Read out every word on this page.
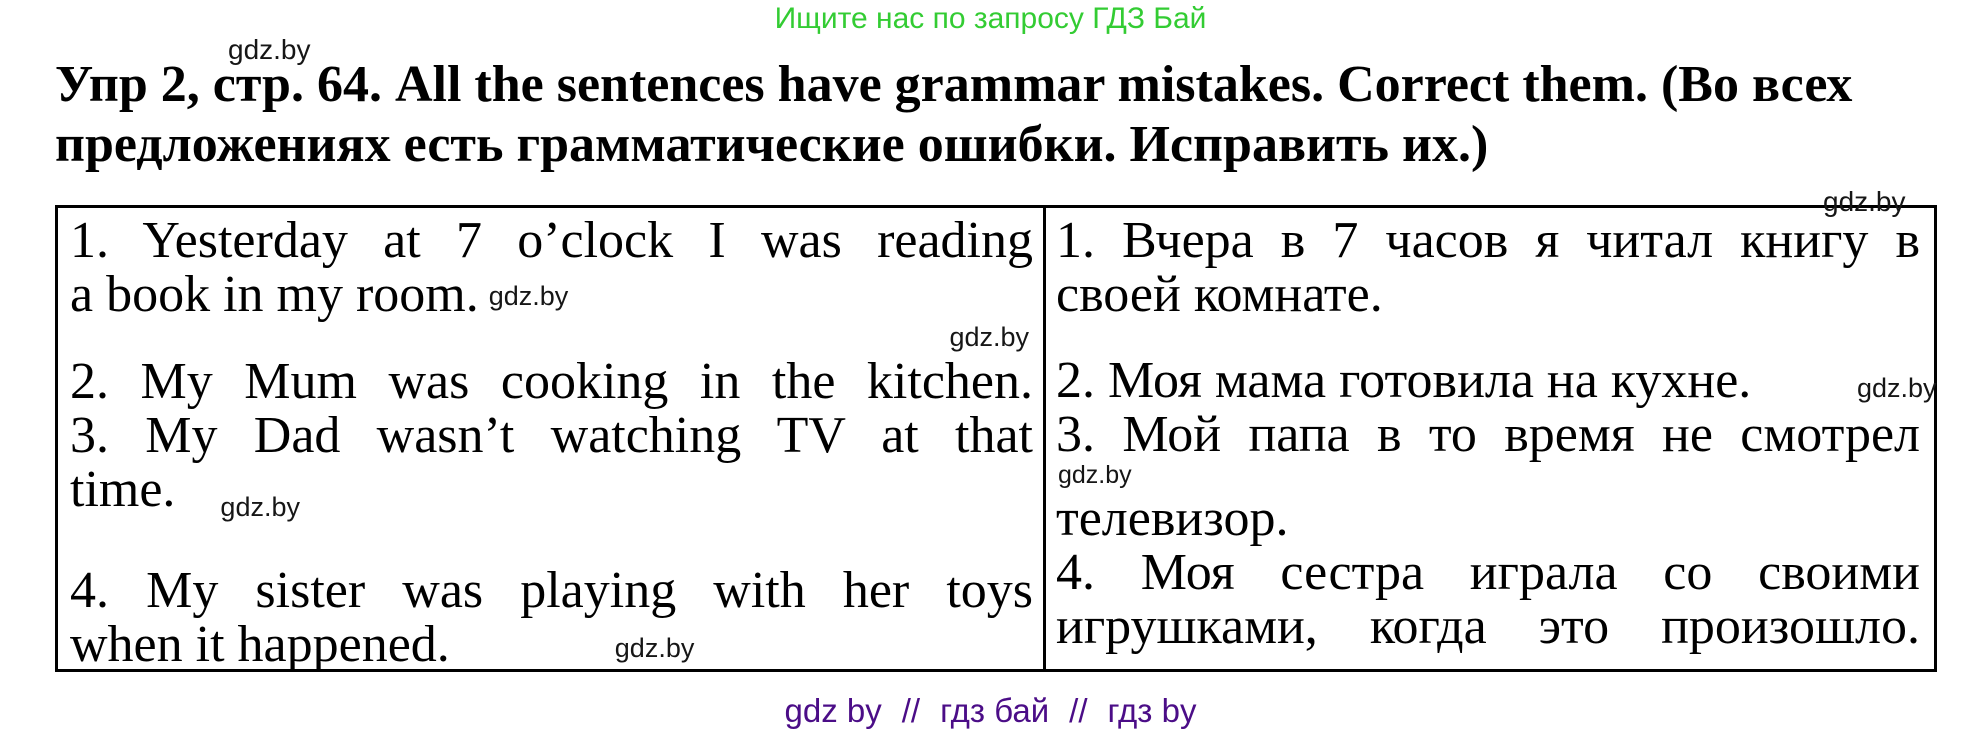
Ищите нас по запросу ГДЗ Бай
gdz.by
gdz.by
gdz.by
Упр 2, стр. 64. All the sentences have grammar mistakes. Correct them. (Во всех предложениях есть грамматические ошибки. Исправить их.)
1. Yesterday at 7 o’clock I was reading
a book in my room. gdz.by
gdz.by
2. My Mum was cooking in the kitchen.
3. My Dad wasn’t watching TV at that
time. gdz.by
4. My sister was playing with her toys
when it happened.	gdz.by
1. Вчера в 7 часов я читал книгу в
своей комнате.
2. Моя мама готовила на кухне.
3. Мой папа в то время не смотрел
gdz.by
телевизор.
4. Моя сестра играла со своими
игрушками, когда это произошло.
gdz by // гдз бай // гдз by
